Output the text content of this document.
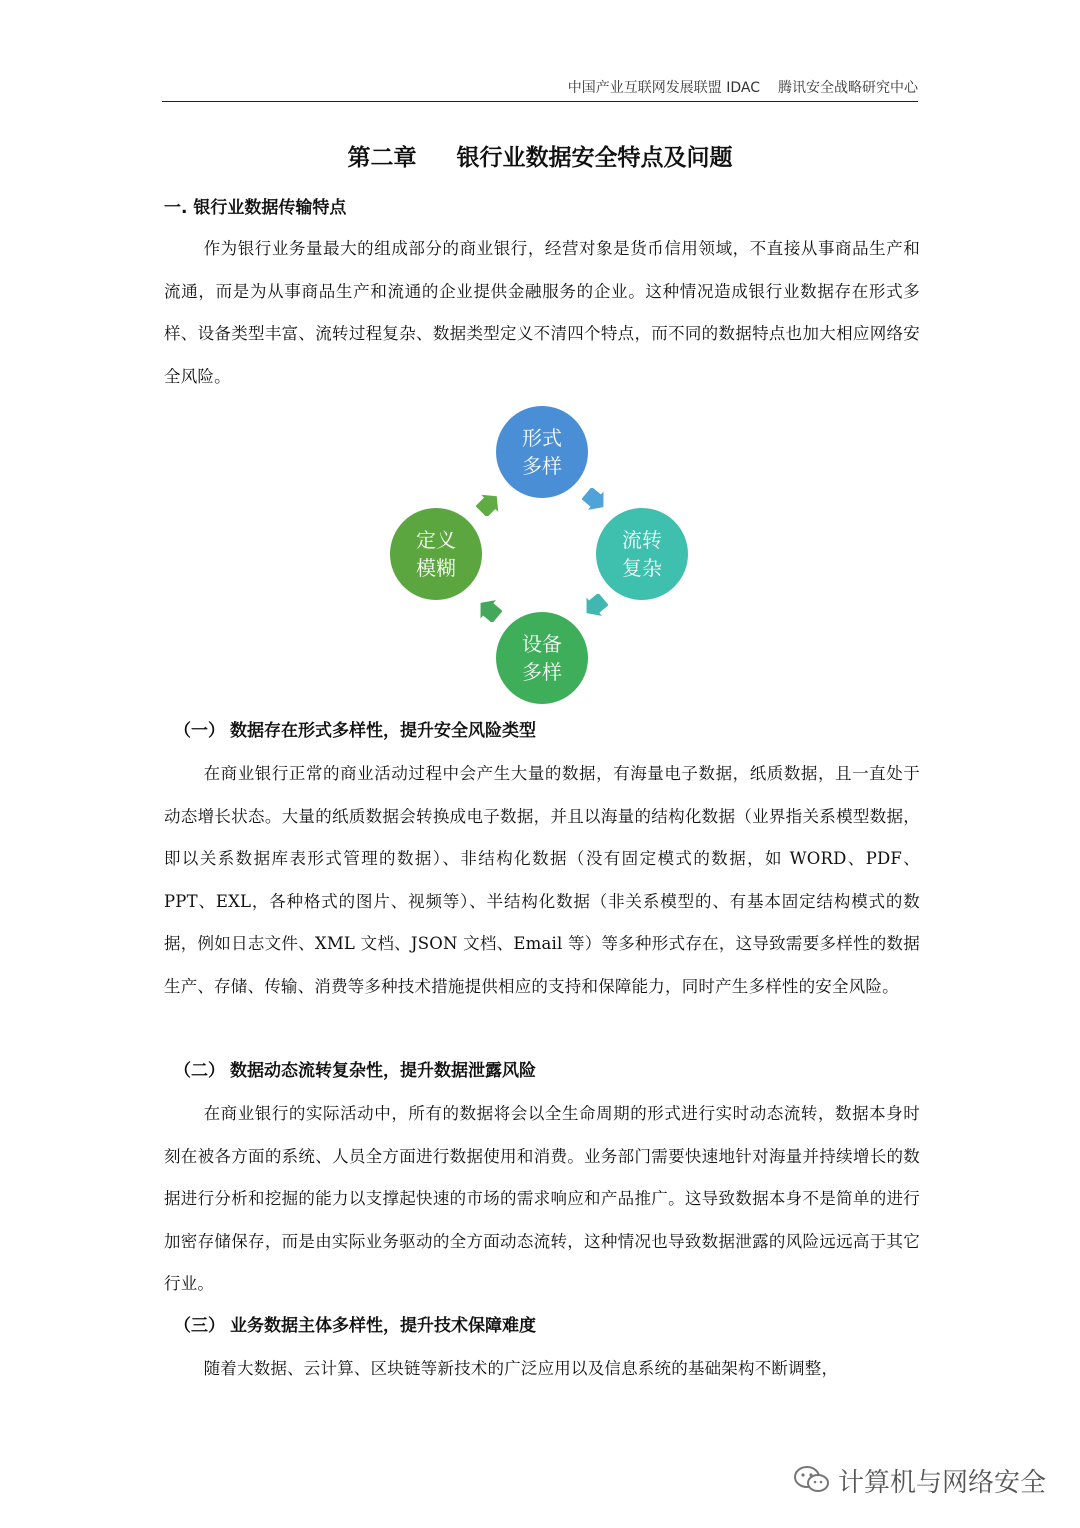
中国产业互联网发展联盟 IDAC 腾讯安全战略研究中心
第二章 银行业数据安全特点及问题
一. 银行业数据传输特点
作为银行业务量最大的组成部分的商业银行，经营对象是货币信用领域，不直接从事商品生产和流通，而是为从事商品生产和流通的企业提供金融服务的企业。这种情况造成银行业数据存在形式多样、设备类型丰富、流转过程复杂、数据类型定义不清四个特点，而不同的数据特点也加大相应网络安全风险。
形式
多样
流转
复杂
设备
多样
定义
模糊
（一） 数据存在形式多样性，提升安全风险类型
在商业银行正常的商业活动过程中会产生大量的数据，有海量电子数据，纸质数据，且一直处于动态增长状态。大量的纸质数据会转换成电子数据，并且以海量的结构化数据（业界指关系模型数据，即以关系数据库表形式管理的数据）、非结构化数据（没有固定模式的数据，如 WORD、PDF、PPT、EXL，各种格式的图片、视频等）、半结构化数据（非关系模型的、有基本固定结构模式的数据，例如日志文件、XML 文档、JSON 文档、Email 等）等多种形式存在，这导致需要多样性的数据生产、存储、传输、消费等多种技术措施提供相应的支持和保障能力，同时产生多样性的安全风险。
（二） 数据动态流转复杂性，提升数据泄露风险
在商业银行的实际活动中，所有的数据将会以全生命周期的形式进行实时动态流转，数据本身时刻在被各方面的系统、人员全方面进行数据使用和消费。业务部门需要快速地针对海量并持续增长的数据进行分析和挖掘的能力以支撑起快速的市场的需求响应和产品推广。这导致数据本身不是简单的进行加密存储保存，而是由实际业务驱动的全方面动态流转，这种情况也导致数据泄露的风险远远高于其它行业。
（三） 业务数据主体多样性，提升技术保障难度
随着大数据、云计算、区块链等新技术的广泛应用以及信息系统的基础架构不断调整，
计算机与网络安全
